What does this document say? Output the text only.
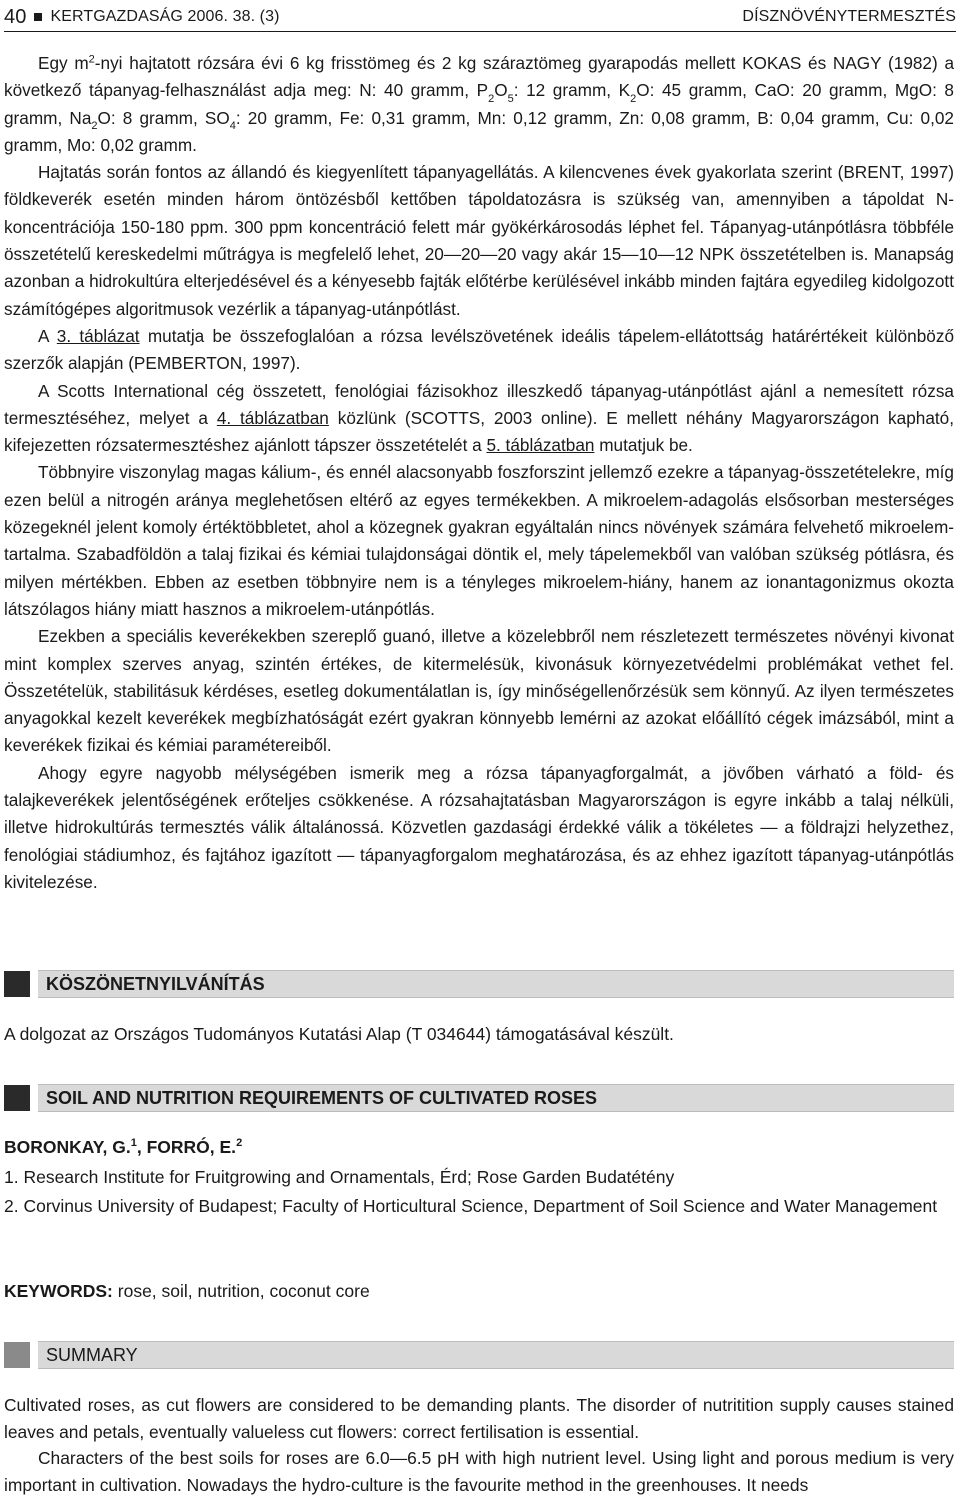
40 KERTGAZDASÁG 2006. 38. (3)	DÍSZNÖVÉNYTERMESZTÉS

Egy $m^2$-nyi hajtatott rózsára évi 6 kg frisstömeg és 2 kg száraztömeg gyarapodás mellett KOKAS és NAGY (1982) a következő tápanyag-felhasználást adja meg: N: 40 gramm, $P_2O_5$: 12 gramm, $K_2O$: 45 gramm, CaO: 20 gramm, MgO: 8 gramm, $Na_2O$: 8 gramm, $SO_4$: 20 gramm, Fe: 0,31 gramm, Mn: 0,12 gramm, Zn: 0,08 gramm, B: 0,04 gramm, Cu: 0,02 gramm, Mo: 0,02 gramm.

Hajtatás során fontos az állandó és kiegyenlített tápanyagellátás. A kilencvenes évek gyakorlata szerint (BRENT, 1997) földkeverék esetén minden három öntözésből kettőben tápoldatozásra is szükség van, amennyiben a tápoldat N-koncentrációja 150-180 ppm. 300 ppm koncentráció felett már gyökérkárosodás léphet fel. Tápanyag-utánpótlásra többféle összetételű kereskedelmi műtrágya is megfelelő lehet, 20—20—20 vagy akár 15—10—12 NPK összetételben is. Manapság azonban a hidrokultúra elterjedésével és a kényesebb fajták előtérbe kerülésével inkább minden fajtára egyedileg kidolgozott számítógépes algoritmusok vezérlik a tápanyag-utánpótlást.

A 3. táblázat mutatja be összefoglalóan a rózsa levélszövetének ideális tápelem-ellátottság határértékeit különböző szerzők alapján (PEMBERTON, 1997).

A Scotts International cég összetett, fenológiai fázisokhoz illeszkedő tápanyag-utánpótlást ajánl a nemesített rózsa termesztéséhez, melyet a 4. táblázatban közlünk (SCOTTS, 2003 online). E mellett néhány Magyarországon kapható, kifejezetten rózsatermesztéshez ajánlott tápszer összetételét a 5. táblázatban mutatjuk be.

Többnyire viszonylag magas kálium-, és ennél alacsonyabb foszforszint jellemző ezekre a tápanyag-összetételekre, míg ezen belül a nitrogén aránya meglehetősen eltérő az egyes termékekben. A mikroelem-adagolás elsősorban mesterséges közegeknél jelent komoly értéktöbbletet, ahol a közegnek gyakran egyáltalán nincs növények számára felvehető mikroelem-tartalma. Szabadföldön a talaj fizikai és kémiai tulajdonságai döntik el, mely tápelemekből van valóban szükség pótlásra, és milyen mértékben. Ebben az esetben többnyire nem is a tényleges mikroelem-hiány, hanem az ionantagonizmus okozta látszólagos hiány miatt hasznos a mikroelem-utánpótlás.

Ezekben a speciális keverékekben szereplő guanó, illetve a közelebbről nem részletezett természetes növényi kivonat mint komplex szerves anyag, szintén értékes, de kitermelésük, kivonásuk környezetvédelmi problémákat vethet fel. Összetételük, stabilitásuk kérdéses, esetleg dokumentálatlan is, így minőségellenőrzésük sem könnyű. Az ilyen természetes anyagokkal kezelt keverékek megbízhatóságát ezért gyakran könnyebb lemérni az azokat előállító cégek imázsából, mint a keverékek fizikai és kémiai paramétereiből.

Ahogy egyre nagyobb mélységében ismerik meg a rózsa tápanyagforgalmát, a jövőben várható a föld- és talajkeverékek jelentőségének erőteljes csökkenése. A rózsahajtatásban Magyarországon is egyre inkább a talaj nélküli, illetve hidrokultúrás termesztés válik általánossá. Közvetlen gazdasági érdekké válik a tökéletes — a földrajzi helyzethez, fenológiai stádiumhoz, és fajtához igazított — tápanyagforgalom meghatározása, és az ehhez igazított tápanyag-utánpótlás kivitelezése.

KÖSZÖNETNYILVÁNÍTÁS
A dolgozat az Országos Tudományos Kutatási Alap (T 034644) támogatásával készült.
SOIL AND NUTRITION REQUIREMENTS OF CULTIVATED ROSES
BORONKAY, G.$^1$, FORRÓ, E.$^2$
1. Research Institute for Fruitgrowing and Ornamentals, Érd; Rose Garden Budatétény
2. Corvinus University of Budapest; Faculty of Horticultural Science, Department of Soil Science and Water Management
KEYWORDS: rose, soil, nutrition, coconut core
SUMMARY

Cultivated roses, as cut flowers are considered to be demanding plants. The disorder of nutritition supply causes stained leaves and petals, eventually valueless cut flowers: correct fertilisation is essential.

Characters of the best soils for roses are 6.0—6.5 pH with high nutrient level. Using light and porous medium is very important in cultivation. Nowadays the hydro-culture is the favourite method in the greenhouses. It needs
